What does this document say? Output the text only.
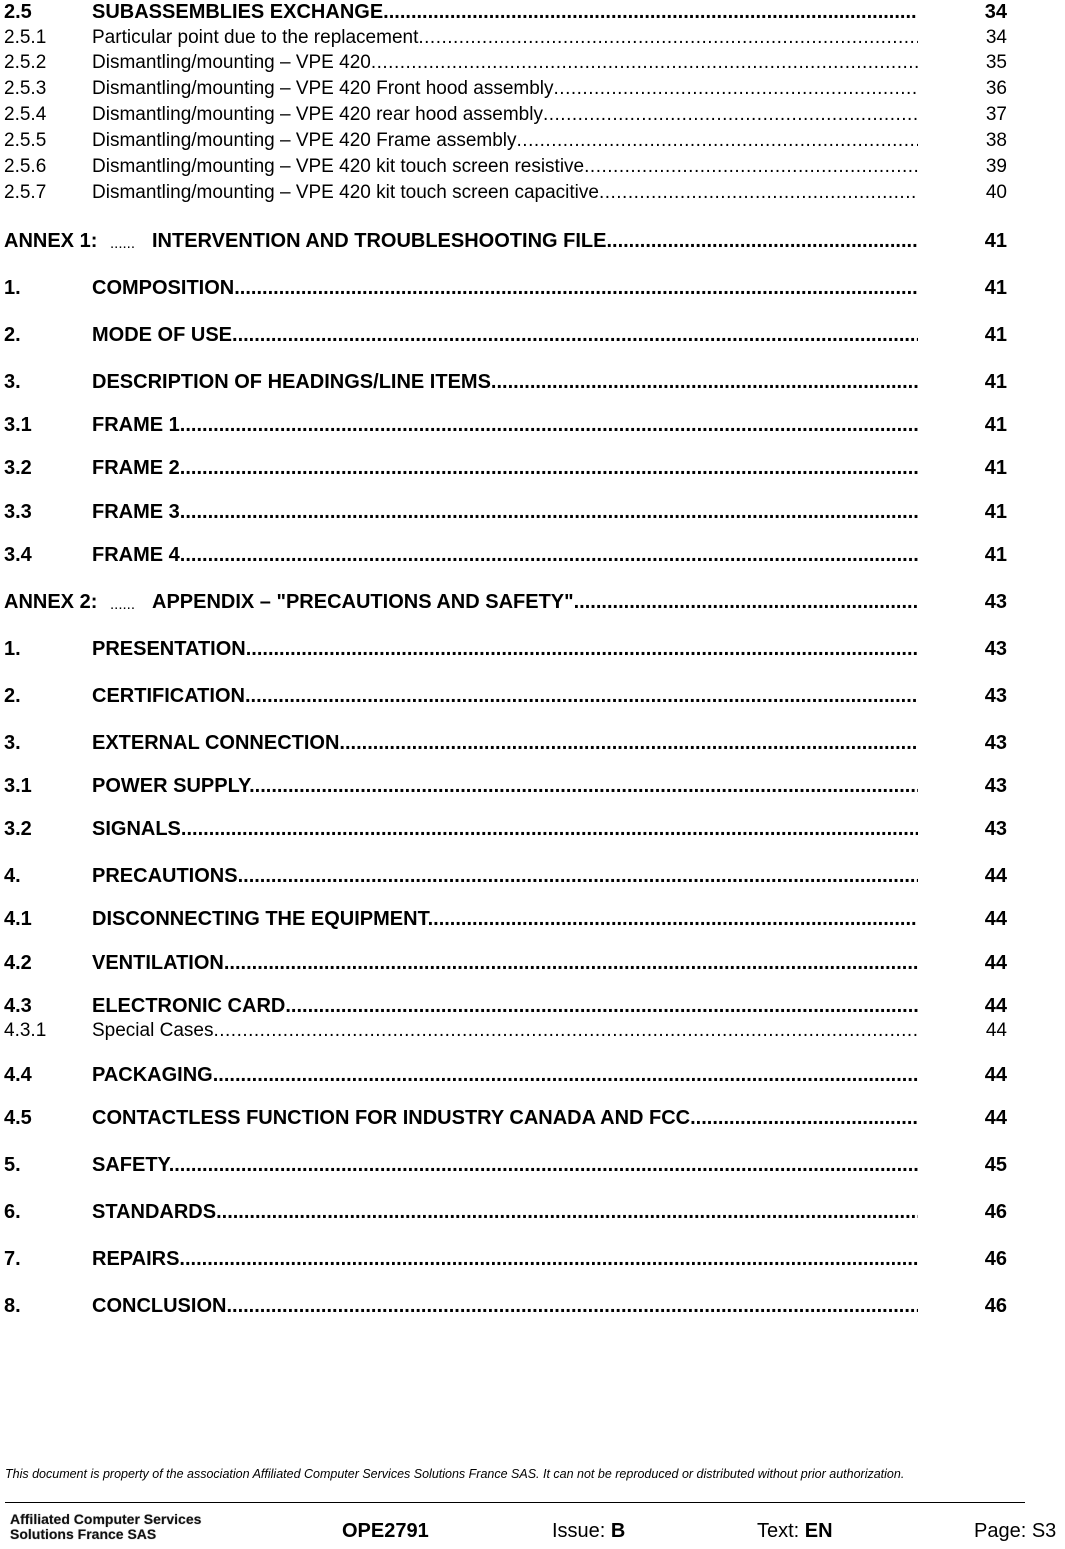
2.5	SUBASSEMBLIES EXCHANGE .....	34
2.5.1 Particular point due to the replacement .....	34
2.5.2 Dismantling/mounting – VPE 420 .....	35
2.5.3 Dismantling/mounting – VPE 420 Front hood assembly .....	36
2.5.4 Dismantling/mounting – VPE 420 rear hood assembly .....	37
2.5.5 Dismantling/mounting – VPE 420 Frame assembly .....	38
2.5.6 Dismantling/mounting – VPE 420 kit touch screen resistive .....	39
2.5.7 Dismantling/mounting – VPE 420 kit touch screen capacitive .....	40
ANNEX 1: ...... INTERVENTION AND TROUBLESHOOTING FILE .....	41
1.	COMPOSITION .....	41
2.	MODE OF USE .....	41
3.	DESCRIPTION OF HEADINGS/LINE ITEMS .....	41
3.1	FRAME 1 .....	41
3.2	FRAME 2 .....	41
3.3	FRAME 3 .....	41
3.4	FRAME 4 .....	41
ANNEX 2: ...... APPENDIX – "PRECAUTIONS AND SAFETY" .....	43
1.	PRESENTATION .....	43
2.	CERTIFICATION .....	43
3.	EXTERNAL CONNECTION .....	43
3.1	POWER SUPPLY .....	43
3.2	SIGNALS .....	43
4.	PRECAUTIONS .....	44
4.1	DISCONNECTING THE EQUIPMENT .....	44
4.2	VENTILATION .....	44
4.3	ELECTRONIC CARD .....	44
4.3.1 Special Cases .....	44
4.4	PACKAGING .....	44
4.5	CONTACTLESS FUNCTION FOR INDUSTRY CANADA AND FCC .....	44
5.	SAFETY .....	45
6.	STANDARDS .....	46
7.	REPAIRS .....	46
8.	CONCLUSION .....	46
This document is property of the association Affiliated Computer Services Solutions France SAS. It can not be reproduced or distributed without prior authorization.
Affiliated Computer Services
Solutions France SAS	OPE2791	Issue: B	Text: EN	Page: S3
